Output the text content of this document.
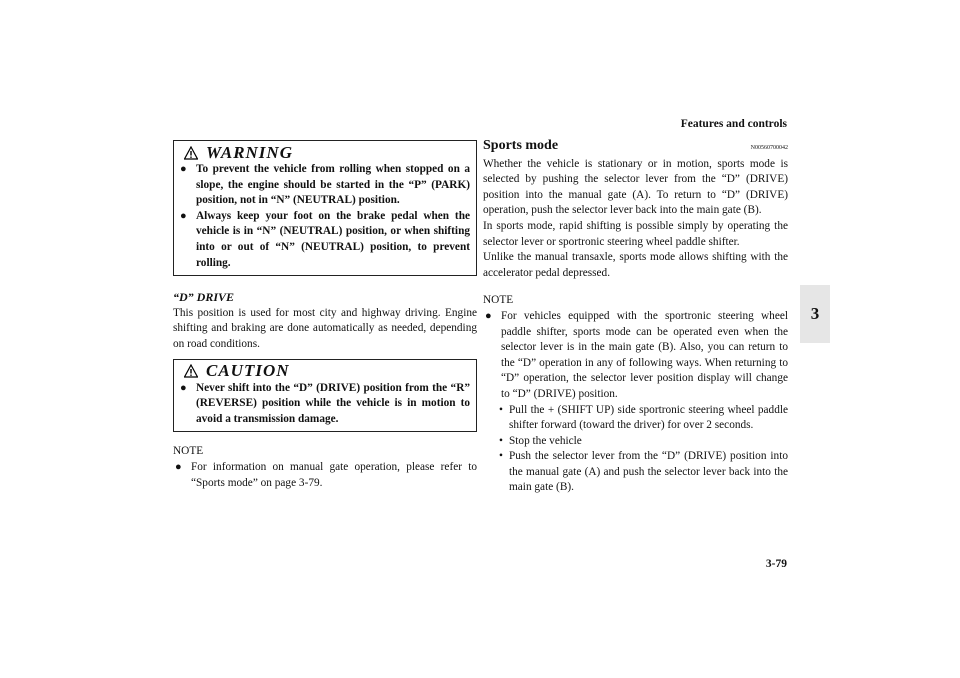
Features and controls
3
3-79
WARNING
● To prevent the vehicle from rolling when stopped on a slope, the engine should be started in the “P” (PARK) position, not in “N” (NEUTRAL) position.
● Always keep your foot on the brake pedal when the vehicle is in “N” (NEUTRAL) position, or when shifting into or out of “N” (NEUTRAL) position, to prevent rolling.
“D” DRIVE

This position is used for most city and highway driving. Engine shifting and braking are done automatically as needed, depending on road conditions.

CAUTION
● Never shift into the “D” (DRIVE) position from the “R” (REVERSE) position while the vehicle is in motion to avoid a transmission damage.
NOTE
● For information on manual gate operation, please refer to “Sports mode” on page 3-79.
Sports mode	N00560700042

Whether the vehicle is stationary or in motion, sports mode is selected by pushing the selector lever from the “D” (DRIVE) position into the manual gate (A). To return to “D” (DRIVE) operation, push the selector lever back into the main gate (B).

In sports mode, rapid shifting is possible simply by operating the selector lever or sportronic steering wheel paddle shifter.

Unlike the manual transaxle, sports mode allows shifting with the accelerator pedal depressed.

NOTE
● For vehicles equipped with the sportronic steering wheel paddle shifter, sports mode can be operated even when the selector lever is in the main gate (B). Also, you can return to the “D” operation in any of following ways. When returning to “D” operation, the selector lever position display will change to “D” (DRIVE) position.
• Pull the + (SHIFT UP) side sportronic steering wheel paddle shifter forward (toward the driver) for over 2 seconds.
• Stop the vehicle
• Push the selector lever from the “D” (DRIVE) position into the manual gate (A) and push the selector lever back into the main gate (B).
